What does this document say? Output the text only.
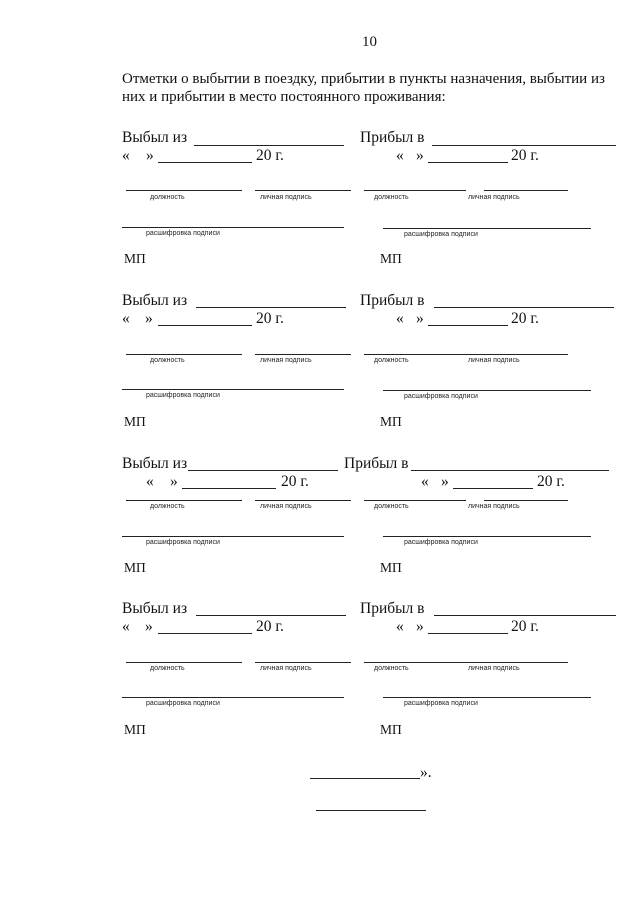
10
Отметки о выбытии в поездку, прибытии в пункты назначения, выбытии из них и прибытии в место постоянного проживания:
Выбыл из
« »	20 г.
Прибыл в
« »	20 г.
должность	личная подпись	должность	личная подпись
расшифровка подписи	расшифровка подписи
МП	МП
Выбыл из
« »	20 г.
Прибыл в
« »	20 г.
должность	личная подпись	должность	личная подпись
расшифровка подписи	расшифровка подписи
МП	МП
Выбыл из
« »	20 г.
Прибыл в
« »	20 г.
должность	личная подпись	должность	личная подпись
расшифровка подписи	расшифровка подписи
МП	МП
Выбыл из
« »	20 г.
Прибыл в
« »	20 г.
должность	личная подпись	должность	личная подпись
расшифровка подписи	расшифровка подписи
МП	МП
».
